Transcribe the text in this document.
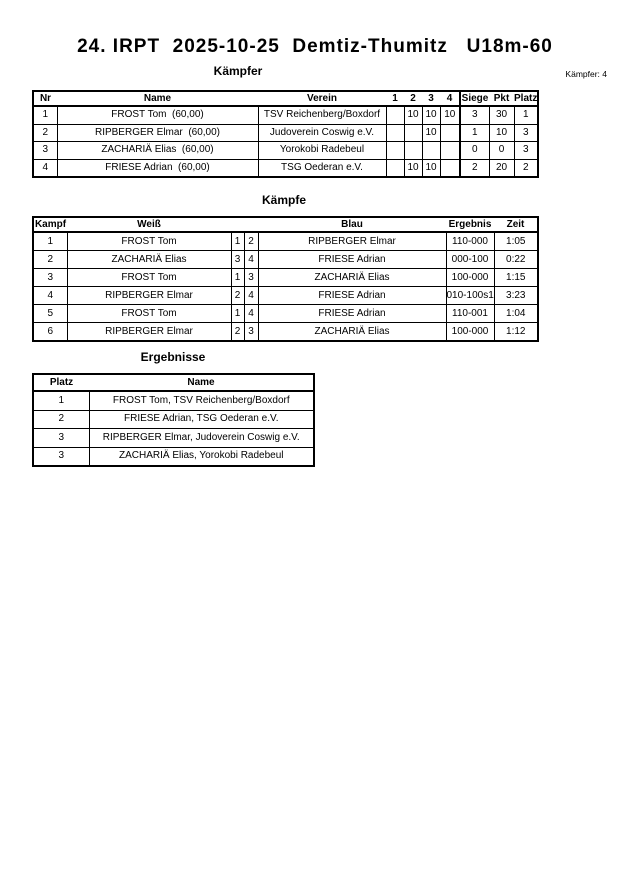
24. IRPT  2025-10-25  Demtiz-Thumitz   U18m-60
Kämpfer	Kämpfer: 4
Nr	Name	Verein	1	2	3	4	Siege	Pkt	Platz
1	FROST Tom  (60,00)	TSV Reichenberg/Boxdorf		10	10	10	3	30	1
2	RIPBERGER Elmar  (60,00)	Judoverein Coswig e.V.			10		1	10	3
3	ZACHARIÄ Elias  (60,00)	Yorokobi Radebeul					0	0	3
4	FRIESE Adrian  (60,00)	TSG Oederan e.V.		10	10		2	20	2
Kämpfe
Kampf	Weiß			Blau	Ergebnis	Zeit
1	FROST Tom	1	2	RIPBERGER Elmar	110-000	1:05
2	ZACHARIÄ Elias	3	4	FRIESE Adrian	000-100	0:22
3	FROST Tom	1	3	ZACHARIÄ Elias	100-000	1:15
4	RIPBERGER Elmar	2	4	FRIESE Adrian	010-100s1	3:23
5	FROST Tom	1	4	FRIESE Adrian	110-001	1:04
6	RIPBERGER Elmar	2	3	ZACHARIÄ Elias	100-000	1:12
Ergebnisse
Platz	Name
1	FROST Tom, TSV Reichenberg/Boxdorf
2	FRIESE Adrian, TSG Oederan e.V.
3	RIPBERGER Elmar, Judoverein Coswig e.V.
3	ZACHARIÄ Elias, Yorokobi Radebeul
